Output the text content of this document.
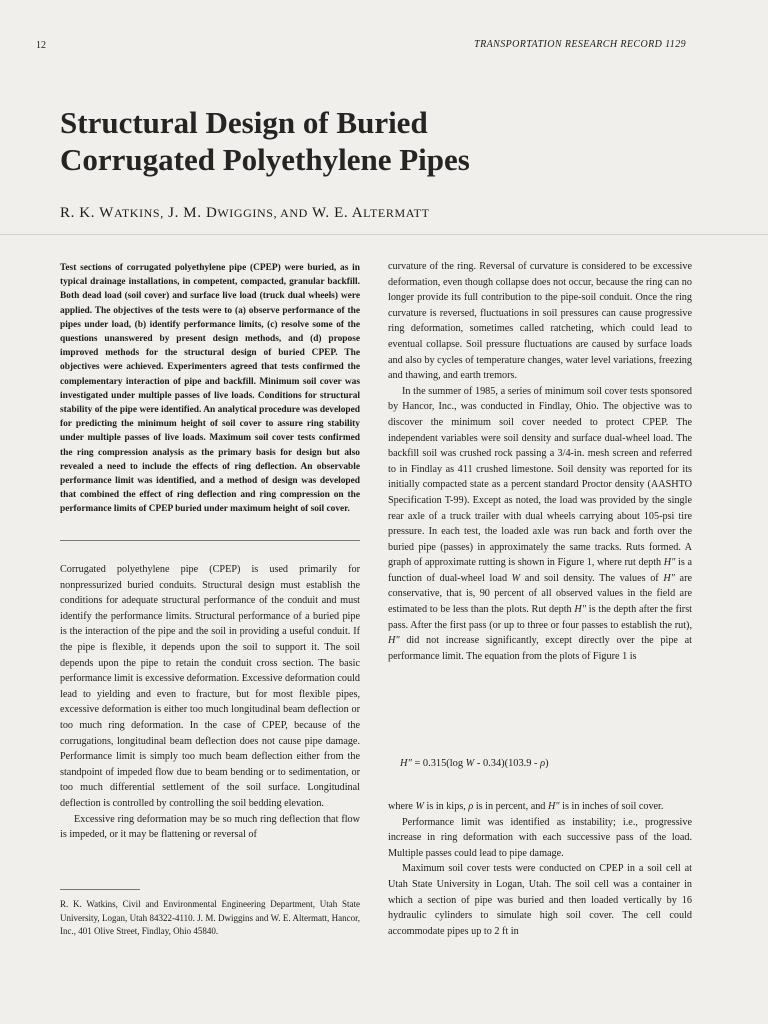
12	TRANSPORTATION RESEARCH RECORD 1129
Structural Design of Buried
Corrugated Polyethylene Pipes
R. K. WATKINS, J. M. DWIGGINS, AND W. E. ALTERMATT
Test sections of corrugated polyethylene pipe (CPEP) were buried, as in typical drainage installations, in competent, compacted, granular backfill. Both dead load (soil cover) and surface live load (truck dual wheels) were applied. The objectives of the tests were to (a) observe performance of the pipes under load, (b) identify performance limits, (c) resolve some of the questions unanswered by present design methods, and (d) propose improved methods for the structural design of buried CPEP. The objectives were achieved. Experimenters agreed that tests confirmed the complementary interaction of pipe and backfill. Minimum soil cover was investigated under multiple passes of live loads. Conditions for structural stability of the pipe were identified. An analytical procedure was developed for predicting the minimum height of soil cover to assure ring stability under multiple passes of live loads. Maximum soil cover tests confirmed the ring compression analysis as the primary basis for design but also revealed a need to include the effects of ring deflection. An observable performance limit was identified, and a method of design was developed that combined the effect of ring deflection and ring compression on the performance limits of CPEP buried under maximum height of soil cover.

Corrugated polyethylene pipe (CPEP) is used primarily for nonpressurized buried conduits. Structural design must establish the conditions for adequate structural performance of the conduit and must identify the performance limits. Structural performance of a buried pipe is the interaction of the pipe and the soil in providing a useful conduit. If the pipe is flexible, it depends upon the soil to support it. The soil depends upon the pipe to retain the conduit cross section. The basic performance limit is excessive deformation. Excessive deformation could lead to yielding and even to fracture, but for most flexible pipes, excessive deformation is either too much longitudinal beam deflection or too much ring deformation. In the case of CPEP, because of the corrugations, longitudinal beam deflection does not cause pipe damage. Performance limit is simply too much beam deflection either from the standpoint of impeded flow due to beam bending or to sedimentation, or too much differential settlement of the soil surface. Longitudinal deflection is controlled by controlling the soil bedding elevation.

Excessive ring deformation may be so much ring deflection that flow is impeded, or it may be flattening or reversal of

R. K. Watkins, Civil and Environmental Engineering Department, Utah State University, Logan, Utah 84322-4110. J. M. Dwiggins and W. E. Altermatt, Hancor, Inc., 401 Olive Street, Findlay, Ohio 45840.

curvature of the ring. Reversal of curvature is considered to be excessive deformation, even though collapse does not occur, because the ring can no longer provide its full contribution to the pipe-soil conduit. Once the ring curvature is reversed, fluctuations in soil pressures can cause progressive ring deformation, sometimes called ratcheting, which could lead to eventual collapse. Soil pressure fluctuations are caused by surface loads and also by cycles of temperature changes, water level variations, freezing and thawing, and earth tremors.

In the summer of 1985, a series of minimum soil cover tests sponsored by Hancor, Inc., was conducted in Findlay, Ohio. The objective was to discover the minimum soil cover needed to protect CPEP. The independent variables were soil density and surface dual-wheel load. The backfill soil was crushed rock passing a 3/4-in. mesh screen and referred to in Findlay as 411 crushed limestone. Soil density was reported for its initially compacted state as a percent standard Proctor density (AASHTO Specification T-99). Except as noted, the load was provided by the single rear axle of a truck trailer with dual wheels carrying about 105-psi tire pressure. In each test, the loaded axle was run back and forth over the buried pipe (passes) in approximately the same tracks. Ruts formed. A graph of approximate rutting is shown in Figure 1, where rut depth H" is a function of dual-wheel load W and soil density. The values of H" are conservative, that is, 90 percent of all observed values in the field are estimated to be less than the plots. Rut depth H" is the depth after the first pass. After the first pass (or up to three or four passes to establish the rut), H" did not increase significantly, except directly over the pipe at performance limit. The equation from the plots of Figure 1 is

H" = 0.315(log W - 0.34)(103.9 - ρ)

where W is in kips, ρ is in percent, and H" is in inches of soil cover.

Performance limit was identified as instability; i.e., progressive increase in ring deformation with each successive pass of the load. Multiple passes could lead to pipe damage.

Maximum soil cover tests were conducted on CPEP in a soil cell at Utah State University in Logan, Utah. The soil cell was a container in which a section of pipe was buried and then loaded vertically by 16 hydraulic cylinders to simulate high soil cover. The cell could accommodate pipes up to 2 ft in
